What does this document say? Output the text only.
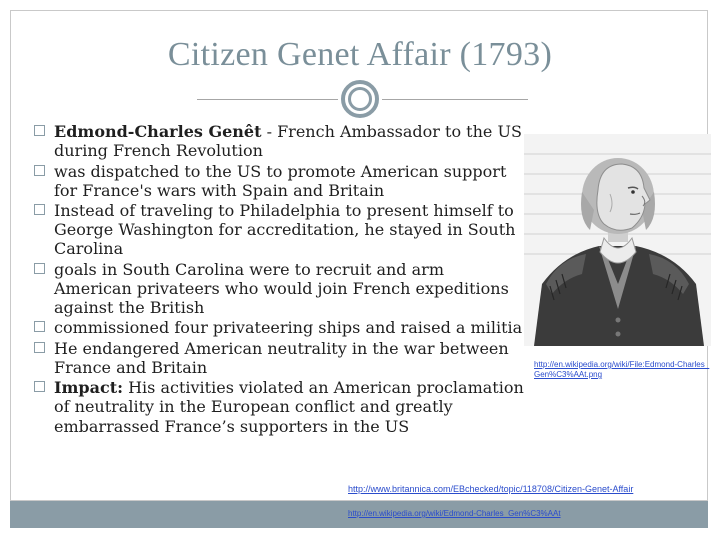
Citizen Genet Affair (1793)
Edmond-Charles Genêt - French Ambassador to the US during French Revolution
was dispatched to the US to promote American support for France's wars with Spain and Britain
Instead of traveling to Philadelphia to present himself to George Washington for accreditation, he stayed in South Carolina
goals in South Carolina were to recruit and arm American privateers who would join French expeditions against the British
commissioned four privateering ships and raised a militia
He endangered American neutrality in the war between France and Britain
Impact: His activities violated an American proclamation of neutrality in the European conflict and greatly embarrassed France’s supporters in the US
http://en.wikipedia.org/wiki/File:Edmond-Charles_Gen%C3%AAt.png
http://www.britannica.com/EBchecked/topic/118708/Citizen-Genet-Affair
http://en.wikipedia.org/wiki/Edmond-Charles_Gen%C3%AAt
